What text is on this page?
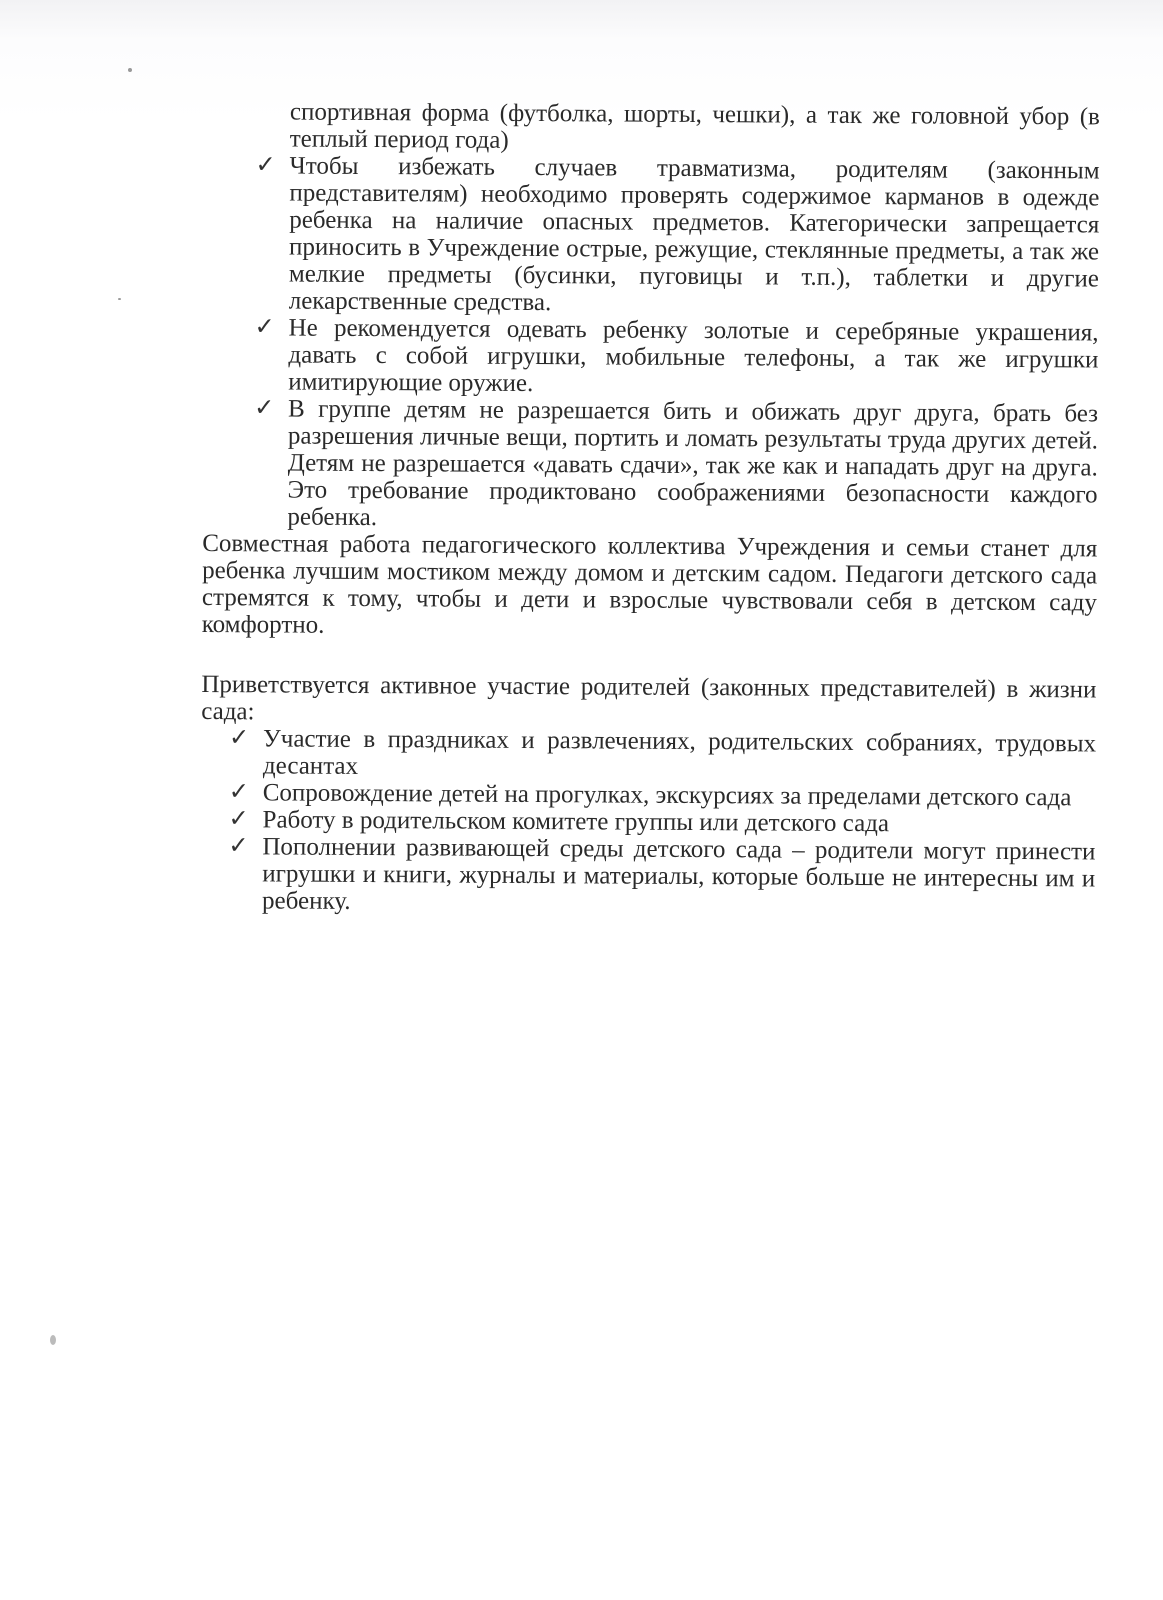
спортивная форма (футболка, шорты, чешки), а так же головной убор (в теплый период года)
✓ Чтобы избежать случаев травматизма, родителям (законным представителям) необходимо проверять содержимое карманов в одежде ребенка на наличие опасных предметов. Категорически запрещается приносить в Учреждение острые, режущие, стеклянные предметы, а так же мелкие предметы (бусинки, пуговицы и т.п.), таблетки и другие лекарственные средства.
✓ Не рекомендуется одевать ребенку золотые и серебряные украшения, давать с собой игрушки, мобильные телефоны, а так же игрушки имитирующие оружие.
✓ В группе детям не разрешается бить и обижать друг друга, брать без разрешения личные вещи, портить и ломать результаты труда других детей. Детям не разрешается «давать сдачи», так же как и нападать друг на друга. Это требование продиктовано соображениями безопасности каждого ребенка.

Совместная работа педагогического коллектива Учреждения и семьи станет для ребенка лучшим мостиком между домом и детским садом. Педагоги детского сада стремятся к тому, чтобы и дети и взрослые чувствовали себя в детском саду комфортно.

Приветствуется активное участие родителей (законных представителей) в жизни сада:

✓ Участие в праздниках и развлечениях, родительских собраниях, трудовых десантах
✓ Сопровождение детей на прогулках, экскурсиях за пределами детского сада
✓ Работу в родительском комитете группы или детского сада
✓ Пополнении развивающей среды детского сада – родители могут принести игрушки и книги, журналы и материалы, которые больше не интересны им и ребенку.
